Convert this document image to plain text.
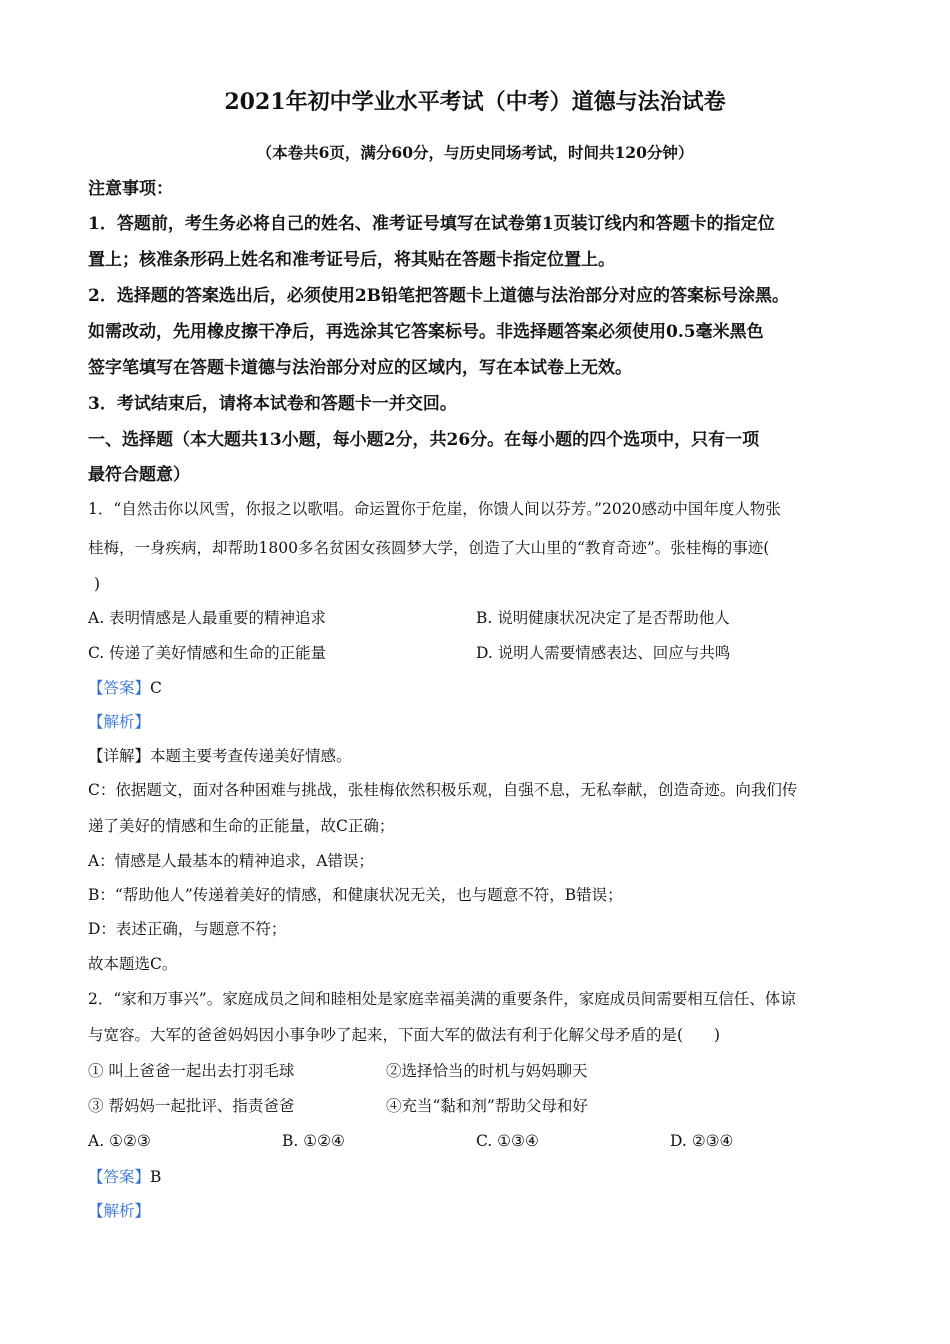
2021年初中学业水平考试（中考）道德与法治试卷
（本卷共6页，满分60分，与历史同场考试，时间共120分钟）
注意事项：
1．答题前，考生务必将自己的姓名、准考证号填写在试卷第1页装订线内和答题卡的指定位
置上；核准条形码上姓名和准考证号后，将其贴在答题卡指定位置上。
2．选择题的答案选出后，必须使用2B铅笔把答题卡上道德与法治部分对应的答案标号涂黑。
如需改动，先用橡皮擦干净后，再选涂其它答案标号。非选择题答案必须使用0.5毫米黑色
签字笔填写在答题卡道德与法治部分对应的区域内，写在本试卷上无效。
3．考试结束后，请将本试卷和答题卡一并交回。
一、选择题（本大题共13小题，每小题2分，共26分。在每小题的四个选项中，只有一项
最符合题意）
1．“自然击你以风雪，你报之以歌唱。命运置你于危崖，你馈人间以芬芳。”2020感动中国年度人物张
桂梅，一身疾病，却帮助1800多名贫困女孩圆梦大学，创造了大山里的“教育奇迹”。张桂梅的事迹(
)
A. 表明情感是人最重要的精神追求	B. 说明健康状况决定了是否帮助他人
C. 传递了美好情感和生命的正能量	D. 说明人需要情感表达、回应与共鸣
【答案】C
【解析】
【详解】本题主要考查传递美好情感。
C：依据题文，面对各种困难与挑战，张桂梅依然积极乐观，自强不息，无私奉献，创造奇迹。向我们传
递了美好的情感和生命的正能量，故C正确；
A：情感是人最基本的精神追求，A错误；
B：“帮助他人”传递着美好的情感，和健康状况无关，也与题意不符，B错误；
D：表述正确，与题意不符；
故本题选C。
2．“家和万事兴”。家庭成员之间和睦相处是家庭幸福美满的重要条件，家庭成员间需要相互信任、体谅
与宽容。大军的爸爸妈妈因小事争吵了起来，下面大军的做法有利于化解父母矛盾的是(　　)
① 叫上爸爸一起出去打羽毛球	②选择恰当的时机与妈妈聊天
③ 帮妈妈一起批评、指责爸爸	④充当“黏和剂”帮助父母和好
A. ①②③	B. ①②④	C. ①③④	D. ②③④
【答案】B
【解析】
